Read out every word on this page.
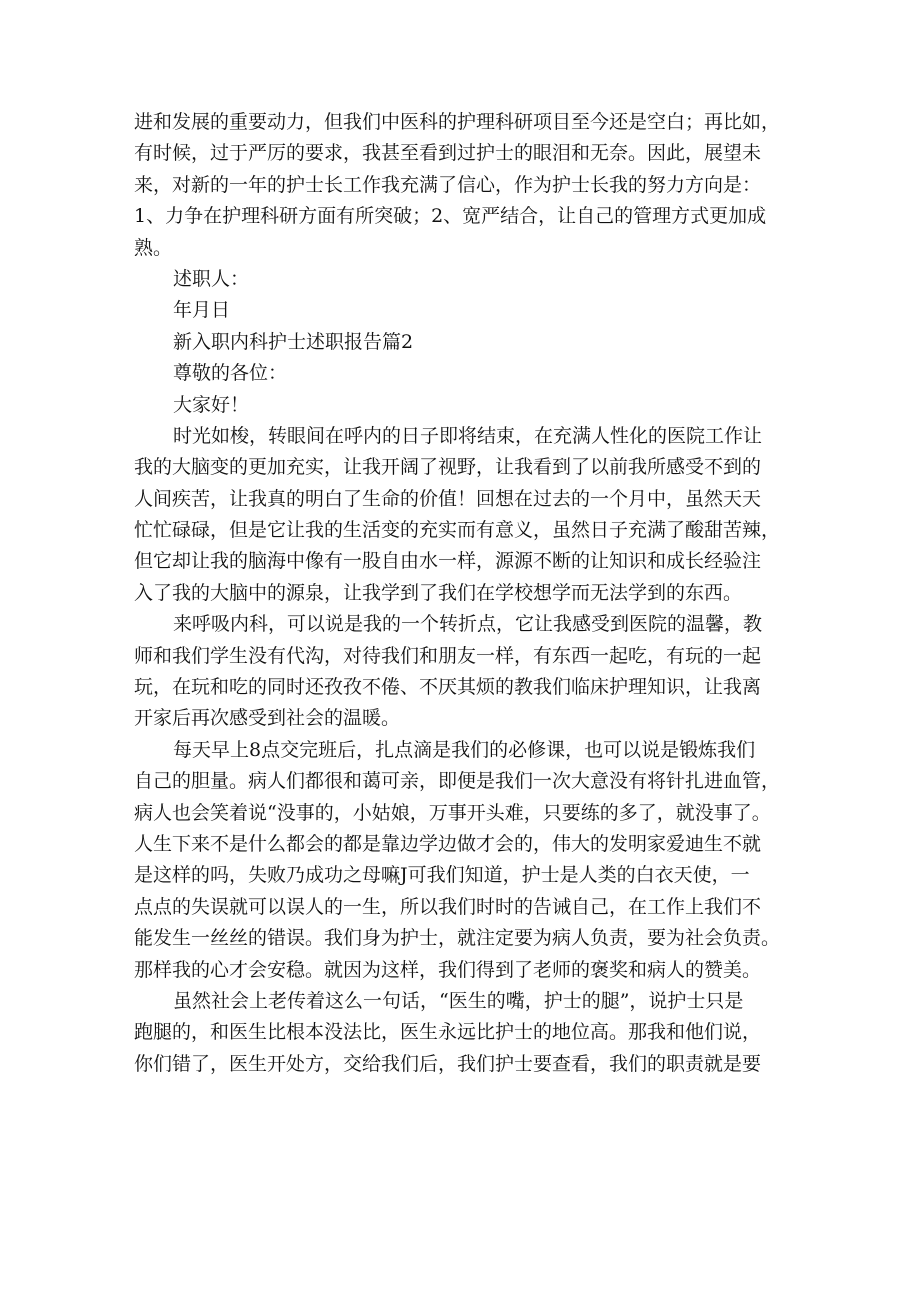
进和发展的重要动力，但我们中医科的护理科研项目至今还是空白；再比如，
有时候，过于严厉的要求，我甚至看到过护士的眼泪和无奈。因此，展望未
来，对新的一年的护士长工作我充满了信心，作为护士长我的努力方向是：
1、力争在护理科研方面有所突破；2、宽严结合，让自己的管理方式更加成
熟。
述职人：
年月日
新入职内科护士述职报告篇2
尊敬的各位：
大家好！
时光如梭，转眼间在呼内的日子即将结束，在充满人性化的医院工作让
我的大脑变的更加充实，让我开阔了视野，让我看到了以前我所感受不到的
人间疾苦，让我真的明白了生命的价值！回想在过去的一个月中，虽然天天
忙忙碌碌，但是它让我的生活变的充实而有意义，虽然日子充满了酸甜苦辣，
但它却让我的脑海中像有一股自由水一样，源源不断的让知识和成长经验注
入了我的大脑中的源泉，让我学到了我们在学校想学而无法学到的东西。
来呼吸内科，可以说是我的一个转折点，它让我感受到医院的温馨，教
师和我们学生没有代沟，对待我们和朋友一样，有东西一起吃，有玩的一起
玩，在玩和吃的同时还孜孜不倦、不厌其烦的教我们临床护理知识，让我离
开家后再次感受到社会的温暖。
每天早上8点交完班后，扎点滴是我们的必修课，也可以说是锻炼我们
自己的胆量。病人们都很和蔼可亲，即便是我们一次大意没有将针扎进血管，
病人也会笑着说“没事的，小姑娘，万事开头难，只要练的多了，就没事了。
人生下来不是什么都会的都是靠边学边做才会的，伟大的发明家爱迪生不就
是这样的吗，失败乃成功之母嘛J可我们知道，护士是人类的白衣天使，一
点点的失误就可以误人的一生，所以我们时时的告诫自己，在工作上我们不
能发生一丝丝的错误。我们身为护士，就注定要为病人负责，要为社会负责。
那样我的心才会安稳。就因为这样，我们得到了老师的褒奖和病人的赞美。
虽然社会上老传着这么一句话，“医生的嘴，护士的腿”，说护士只是
跑腿的，和医生比根本没法比，医生永远比护士的地位高。那我和他们说，
你们错了，医生开处方，交给我们后，我们护士要查看，我们的职责就是要
